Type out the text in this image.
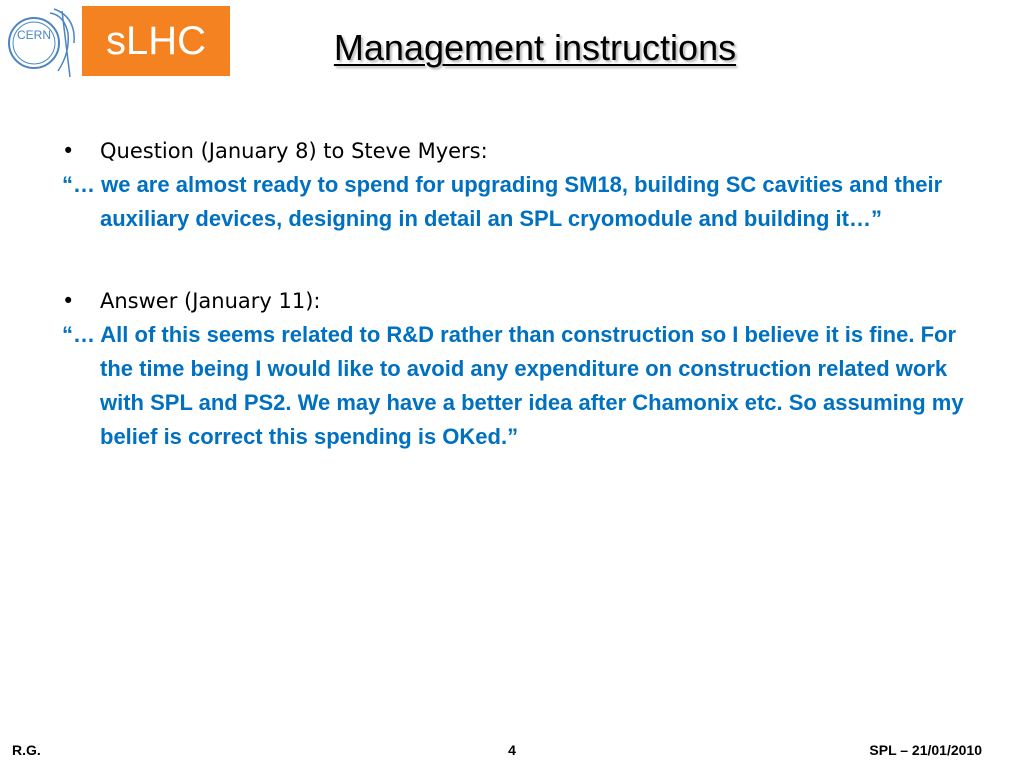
CERN	sLHC	Management instructions
• Question (January 8) to Steve Myers:
“… we are almost ready to spend for upgrading SM18, building SC cavities and their auxiliary devices, designing in detail an SPL cryomodule and building it…”
• Answer (January 11):
“… All of this seems related to R&D rather than construction so I believe it is fine. For the time being I would like to avoid any expenditure on construction related work with SPL and PS2. We may have a better idea after Chamonix etc. So assuming my belief is correct this spending is OKed.”
R.G.	4	SPL – 21/01/2010
